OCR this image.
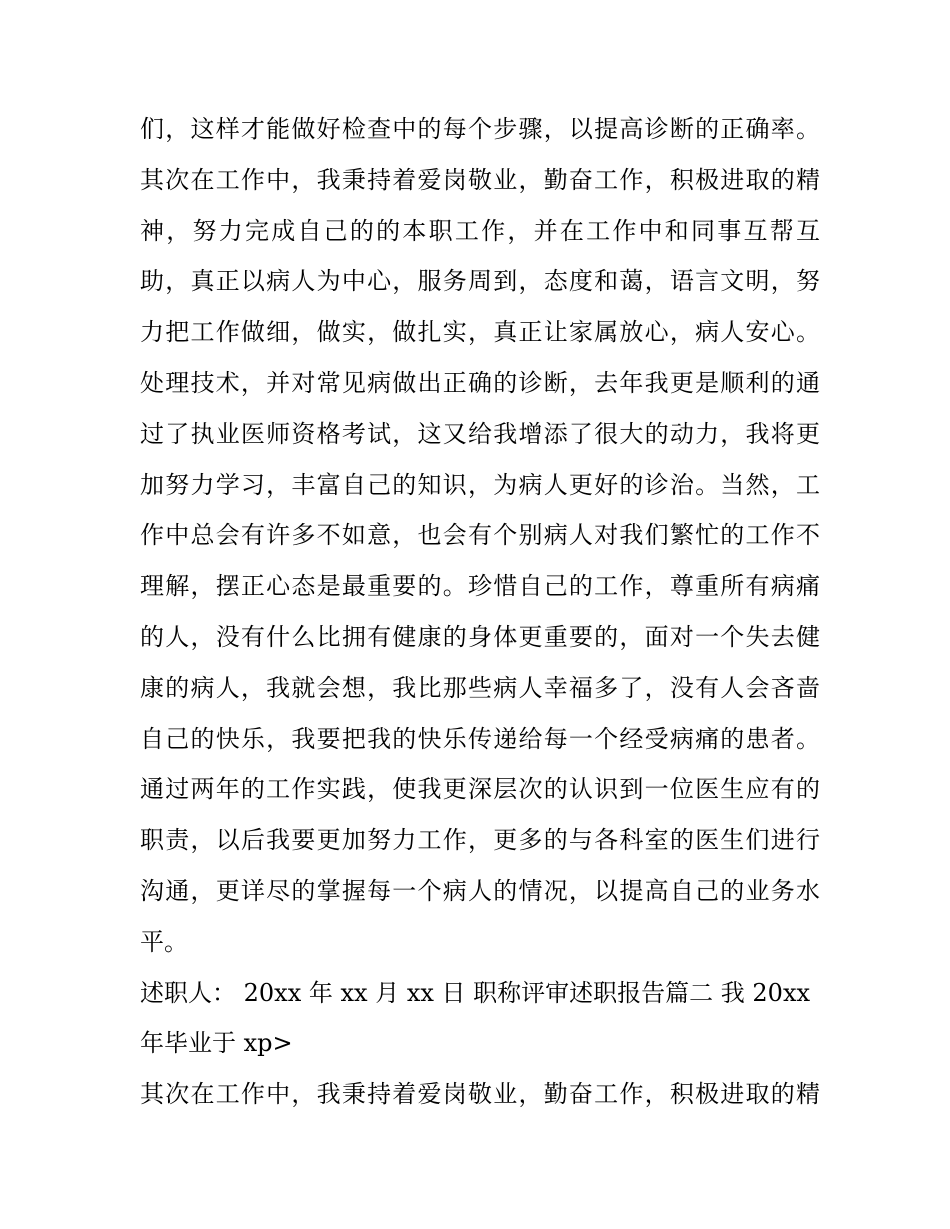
们，这样才能做好检查中的每个步骤，以提高诊断的正确率。
其次在工作中，我秉持着爱岗敬业，勤奋工作，积极进取的精
神，努力完成自己的的本职工作，并在工作中和同事互帮互
助，真正以病人为中心，服务周到，态度和蔼，语言文明，努
力把工作做细，做实，做扎实，真正让家属放心，病人安心。
处理技术，并对常见病做出正确的诊断，去年我更是顺利的通
过了执业医师资格考试，这又给我增添了很大的动力，我将更
加努力学习，丰富自己的知识，为病人更好的诊治。当然，工
作中总会有许多不如意，也会有个别病人对我们繁忙的工作不
理解，摆正心态是最重要的。珍惜自己的工作，尊重所有病痛
的人，没有什么比拥有健康的身体更重要的，面对一个失去健
康的病人，我就会想，我比那些病人幸福多了，没有人会吝啬
自己的快乐，我要把我的快乐传递给每一个经受病痛的患者。
通过两年的工作实践，使我更深层次的认识到一位医生应有的
职责，以后我要更加努力工作，更多的与各科室的医生们进行
沟通，更详尽的掌握每一个病人的情况，以提高自己的业务水
平。
述职人： 20xx 年 xx 月 xx 日 职称评审述职报告篇二 我 20xx
年毕业于 xp>
其次在工作中，我秉持着爱岗敬业，勤奋工作，积极进取的精
